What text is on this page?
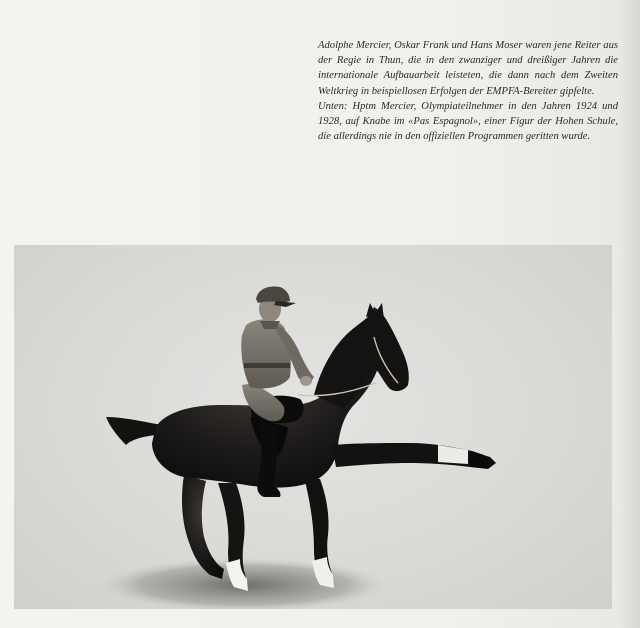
Adolphe Mercier, Oskar Frank und Hans Moser waren jene Reiter aus der Regie in Thun, die in den zwanziger und dreißiger Jahren die internationale Aufbauarbeit leisteten, die dann nach dem Zweiten Weltkrieg in beispiellosen Erfolgen der EMPFA-Bereiter gipfelte.

Unten: Hptm Mercier, Olympiateilnehmer in den Jahren 1924 und 1928, auf Knabe im «Pas Espagnol», einer Figur der Hohen Schule, die allerdings nie in den offiziellen Programmen geritten wurde.
